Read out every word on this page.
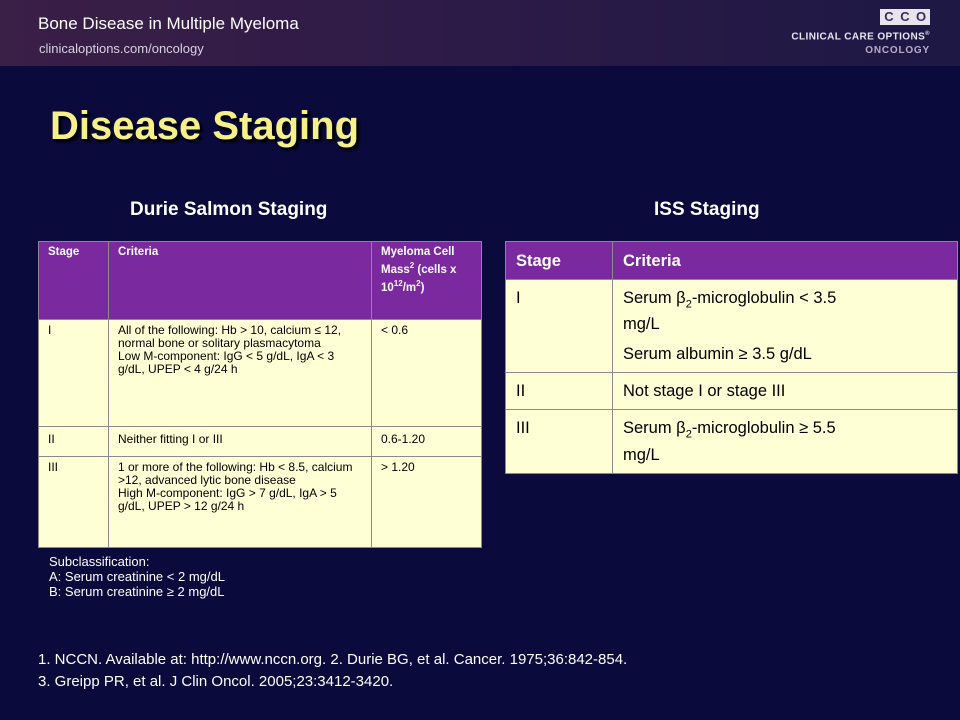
Bone Disease in Multiple Myeloma
clinicaloptions.com/oncology
C C O
CLINICAL CARE OPTIONS®
ONCOLOGY
Disease Staging
Durie Salmon Staging	ISS Staging
Stage	Criteria	Myeloma Cell Mass$^2$ (cells x $10^{12}/m^2$)
I	All of the following: Hb > 10, calcium ≤ 12, normal bone or solitary plasmacytoma
Low M-component: IgG < 5 g/dL, IgA < 3 g/dL, UPEP < 4 g/24 h	< 0.6
II	Neither fitting I or III	0.6-1.20
III	1 or more of the following: Hb < 8.5, calcium >12, advanced lytic bone disease
High M-component: IgG > 7 g/dL, IgA > 5 g/dL, UPEP > 12 g/24 h	> 1.20
Stage	Criteria
I	Serum $\beta_2$-microglobulin < 3.5 mg/L
Serum albumin ≥ 3.5 g/dL

II	Not stage I or stage III
III	Serum $\beta_2$-microglobulin ≥ 5.5 mg/L
Subclassification:
A: Serum creatinine < 2 mg/dL
B: Serum creatinine ≥ 2 mg/dL
1. NCCN. Available at: http://www.nccn.org. 2. Durie BG, et al. Cancer. 1975;36:842-854.
3. Greipp PR, et al. J Clin Oncol. 2005;23:3412-3420.
